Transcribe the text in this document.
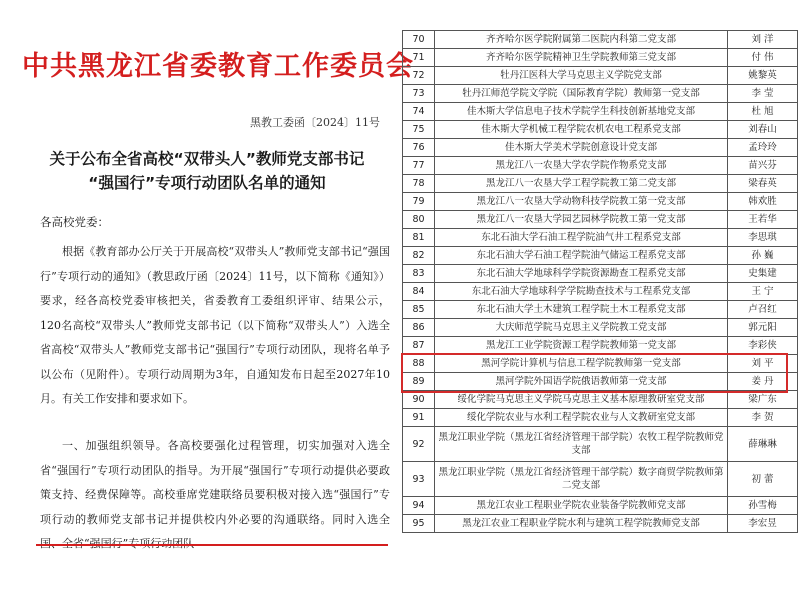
中共黑龙江省委教育工作委员会
黑教工委函〔2024〕11号
关于公布全省高校“双带头人”教师党支部书记
“强国行”专项行动团队名单的通知
各高校党委：
根据《教育部办公厅关于开展高校“双带头人”教师党支部书记“强国行”专项行动的通知》（教思政厅函〔2024〕11号，以下简称《通知》）要求，经各高校党委审核把关，省委教育工委组织评审、结果公示，120名高校“双带头人”教师党支部书记（以下简称“双带头人”）入选全省高校“双带头人”教师党支部书记“强国行”专项行动团队，现将名单予以公布（见附件）。专项行动周期为3年，自通知发布日起至2027年10月。有关工作安排和要求如下。
一、加强组织领导。各高校要强化过程管理，切实加强对入选全省“强国行”专项行动团队的指导。为开展“强国行”专项行动提供必要政策支持、经费保障等。高校垂席党建联络员要积极对接入选“强国行”专项行动的教师党支部书记并提供校内外必要的沟通联络。同时入选全
70	齐齐哈尔医学院附属第二医院内科第二党支部	刘 洋
71	齐齐哈尔医学院精神卫生学院教师第三党支部	付 伟
72	牡丹江医科大学马克思主义学院党支部	姚黎英
73	牡丹江师范学院文学院（国际教育学院）教师第一党支部	李 莹
74	佳木斯大学信息电子技术学院学生科技创新基地党支部	杜 旭
75	佳木斯大学机械工程学院农机农电工程系党支部	刘春山
76	佳木斯大学美术学院创意设计党支部	孟玲玲
77	黑龙江八一农垦大学农学院作物系党支部	苗兴芬
78	黑龙江八一农垦大学工程学院教工第二党支部	梁春英
79	黑龙江八一农垦大学动物科技学院教工第一党支部	韩欢胜
80	黑龙江八一农垦大学园艺园林学院教工第一党支部	王若华
81	东北石油大学石油工程学院油气井工程系党支部	李思琪
82	东北石油大学石油工程学院油气储运工程系党支部	孙 巍
83	东北石油大学地球科学学院资源勘查工程系党支部	史集建
84	东北石油大学地球科学学院勘查技术与工程系党支部	王 宁
85	东北石油大学土木建筑工程学院土木工程系党支部	卢召红
86	大庆师范学院马克思主义学院教工党支部	郭元阳
87	黑龙江工业学院资源工程学院教师第一党支部	李彩侠
88	黑河学院计算机与信息工程学院教师第一党支部	刘 平
89	黑河学院外国语学院俄语教师第一党支部	姜 丹
90	绥化学院马克思主义学院马克思主义基本原理教研室党支部	梁广东
91	绥化学院农业与水利工程学院农业与人文教研室党支部	李 贺
92	黑龙江职业学院（黑龙江省经济管理干部学院）农牧工程学院教师党支部	薛琳琳
93	黑龙江职业学院（黑龙江省经济管理干部学院）数字商贸学院教师第二党支部	初 蕾
94	黑龙江农业工程职业学院农业装备学院教师党支部	孙雪梅
95	黑龙江农业工程职业学院水利与建筑工程学院教师党支部	李宏昱
